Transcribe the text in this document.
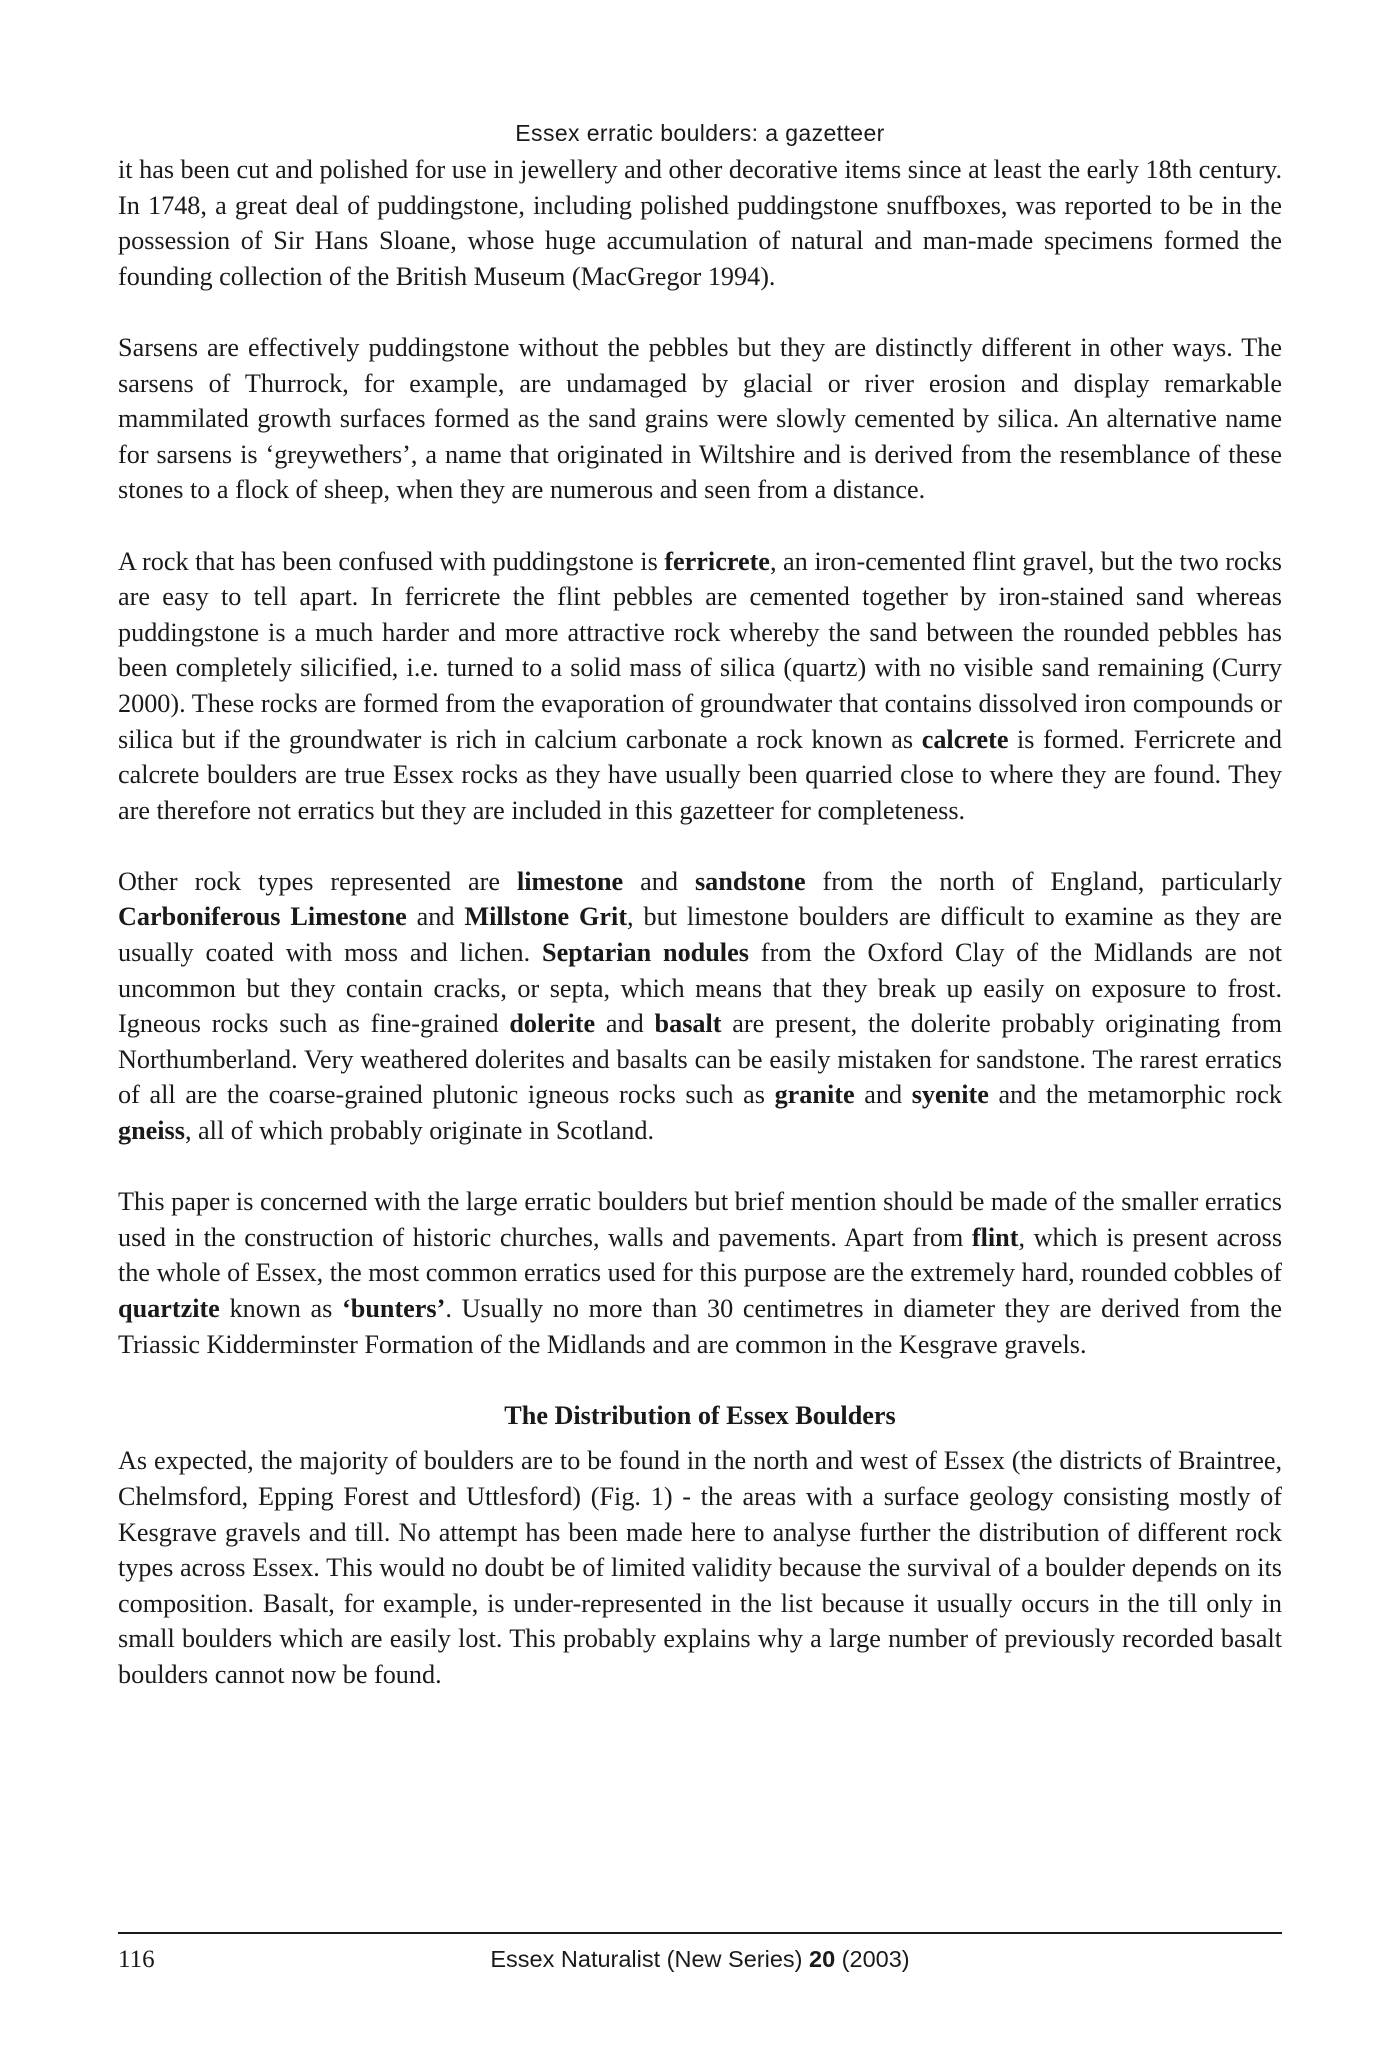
Essex erratic boulders: a gazetteer

it has been cut and polished for use in jewellery and other decorative items since at least the early 18th century. In 1748, a great deal of puddingstone, including polished puddingstone snuffboxes, was reported to be in the possession of Sir Hans Sloane, whose huge accumulation of natural and man-made specimens formed the founding collection of the British Museum (MacGregor 1994).

Sarsens are effectively puddingstone without the pebbles but they are distinctly different in other ways. The sarsens of Thurrock, for example, are undamaged by glacial or river erosion and display remarkable mammilated growth surfaces formed as the sand grains were slowly cemented by silica. An alternative name for sarsens is ‘greywethers’, a name that originated in Wiltshire and is derived from the resemblance of these stones to a flock of sheep, when they are numerous and seen from a distance.

A rock that has been confused with puddingstone is ferricrete, an iron-cemented flint gravel, but the two rocks are easy to tell apart. In ferricrete the flint pebbles are cemented together by iron-stained sand whereas puddingstone is a much harder and more attractive rock whereby the sand between the rounded pebbles has been completely silicified, i.e. turned to a solid mass of silica (quartz) with no visible sand remaining (Curry 2000). These rocks are formed from the evaporation of groundwater that contains dissolved iron compounds or silica but if the groundwater is rich in calcium carbonate a rock known as calcrete is formed. Ferricrete and calcrete boulders are true Essex rocks as they have usually been quarried close to where they are found. They are therefore not erratics but they are included in this gazetteer for completeness.

Other rock types represented are limestone and sandstone from the north of England, particularly Carboniferous Limestone and Millstone Grit, but limestone boulders are difficult to examine as they are usually coated with moss and lichen. Septarian nodules from the Oxford Clay of the Midlands are not uncommon but they contain cracks, or septa, which means that they break up easily on exposure to frost. Igneous rocks such as fine-grained dolerite and basalt are present, the dolerite probably originating from Northumberland. Very weathered dolerites and basalts can be easily mistaken for sandstone. The rarest erratics of all are the coarse-grained plutonic igneous rocks such as granite and syenite and the metamorphic rock gneiss, all of which probably originate in Scotland.

This paper is concerned with the large erratic boulders but brief mention should be made of the smaller erratics used in the construction of historic churches, walls and pavements. Apart from flint, which is present across the whole of Essex, the most common erratics used for this purpose are the extremely hard, rounded cobbles of quartzite known as ‘bunters’. Usually no more than 30 centimetres in diameter they are derived from the Triassic Kidderminster Formation of the Midlands and are common in the Kesgrave gravels.

The Distribution of Essex Boulders

As expected, the majority of boulders are to be found in the north and west of Essex (the districts of Braintree, Chelmsford, Epping Forest and Uttlesford) (Fig. 1) - the areas with a surface geology consisting mostly of Kesgrave gravels and till. No attempt has been made here to analyse further the distribution of different rock types across Essex. This would no doubt be of limited validity because the survival of a boulder depends on its composition. Basalt, for example, is under-represented in the list because it usually occurs in the till only in small boulders which are easily lost. This probably explains why a large number of previously recorded basalt boulders cannot now be found.

116	Essex Naturalist (New Series) 20 (2003)
